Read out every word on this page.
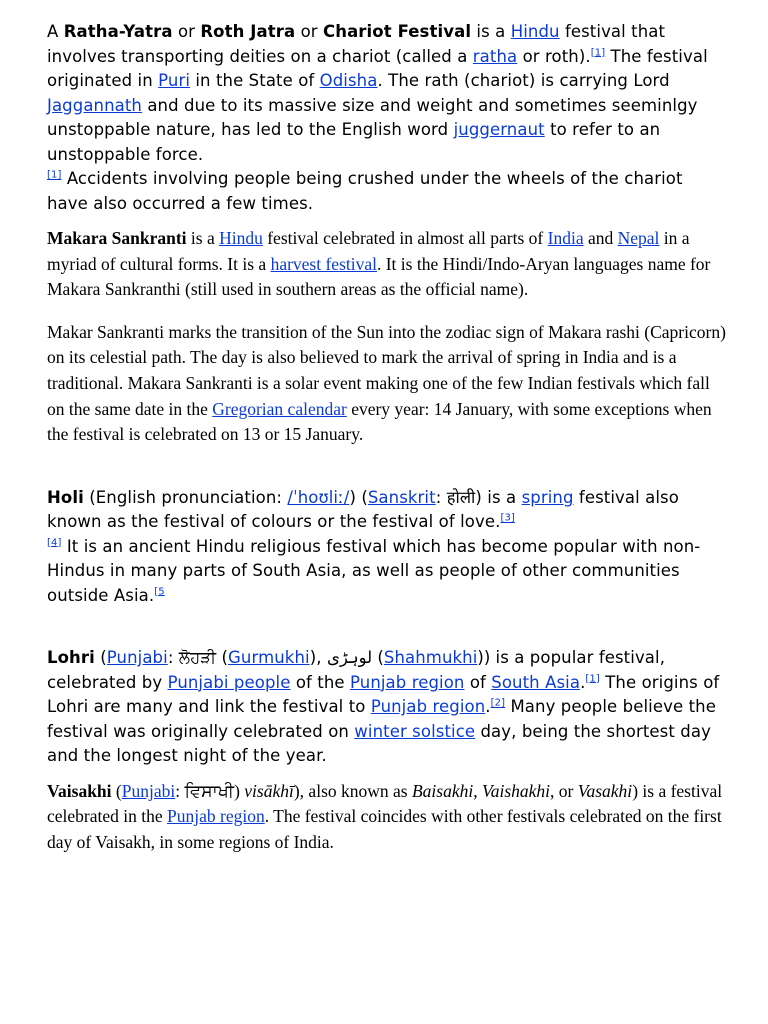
A Ratha-Yatra or Roth Jatra or Chariot Festival is a Hindu festival that involves transporting deities on a chariot (called a ratha or roth).[1] The festival originated in Puri in the State of Odisha. The rath (chariot) is carrying Lord Jaggannath and due to its massive size and weight and sometimes seeminlgy unstoppable nature, has led to the English word juggernaut to refer to an unstoppable force.
[1] Accidents involving people being crushed under the wheels of the chariot have also occurred a few times.

Makara Sankranti is a Hindu festival celebrated in almost all parts of India and Nepal in a myriad of cultural forms. It is a harvest festival. It is the Hindi/Indo-Aryan languages name for Makara Sankranthi (still used in southern areas as the official name).

Makar Sankranti marks the transition of the Sun into the zodiac sign of Makara rashi (Capricorn) on its celestial path. The day is also believed to mark the arrival of spring in India and is a traditional. Makara Sankranti is a solar event making one of the few Indian festivals which fall on the same date in the Gregorian calendar every year: 14 January, with some exceptions when the festival is celebrated on 13 or 15 January.

Holi (English pronunciation: /ˈhoʊliː/) (Sanskrit: होली) is a spring festival also known as the festival of colours or the festival of love.[3]
[4] It is an ancient Hindu religious festival which has become popular with non-Hindus in many parts of South Asia, as well as people of other communities outside Asia.$^{[5}$

Lohri (Punjabi: ਲੋਹੜੀ (Gurmukhi), لوہڑی (Shahmukhi)) is a popular festival, celebrated by Punjabi people of the Punjab region of South Asia.[1] The origins of Lohri are many and link the festival to Punjab region.[2] Many people believe the festival was originally celebrated on winter solstice day, being the shortest day and the longest night of the year.

Vaisakhi (Punjabi: ਵਿਸਾਖੀ) visākhī), also known as Baisakhi, Vaishakhi, or Vasakhi) is a festival celebrated in the Punjab region. The festival coincides with other festivals celebrated on the first day of Vaisakh, in some regions of India.
